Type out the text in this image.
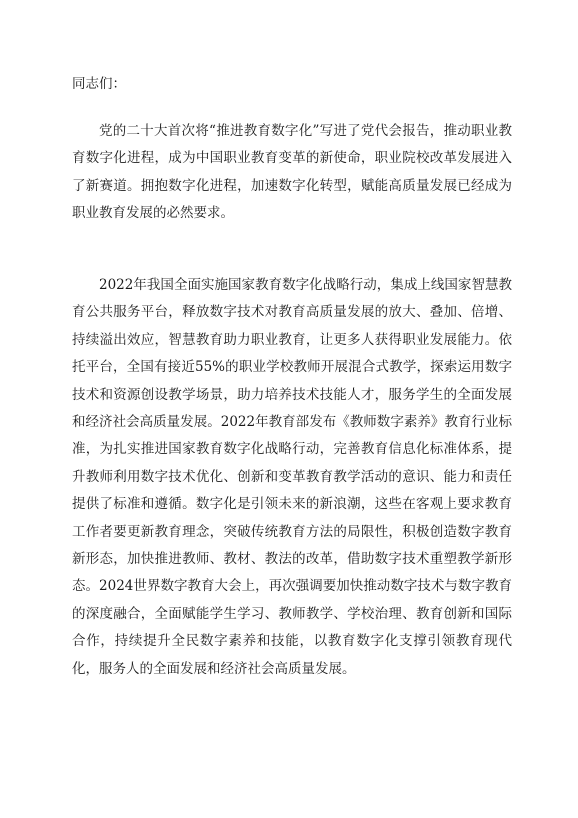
同志们：

党的二十大首次将“推进教育数字化”写进了党代会报告，推动职业教育数字化进程，成为中国职业教育变革的新使命，职业院校改革发展进入了新赛道。拥抱数字化进程，加速数字化转型，赋能高质量发展已经成为职业教育发展的必然要求。

2022年我国全面实施国家教育数字化战略行动，集成上线国家智慧教育公共服务平台，释放数字技术对教育高质量发展的放大、叠加、倍增、持续溢出效应，智慧教育助力职业教育，让更多人获得职业发展能力。依托平台，全国有接近55%的职业学校教师开展混合式教学，探索运用数字技术和资源创设教学场景，助力培养技术技能人才，服务学生的全面发展和经济社会高质量发展。2022年教育部发布《教师数字素养》教育行业标准，为扎实推进国家教育数字化战略行动，完善教育信息化标准体系，提升教师利用数字技术优化、创新和变革教育教学活动的意识、能力和责任提供了标准和遵循。数字化是引领未来的新浪潮，这些在客观上要求教育工作者要更新教育理念，突破传统教育方法的局限性，积极创造数字教育新形态，加快推进教师、教材、教法的改革，借助数字技术重塑教学新形态。2024世界数字教育大会上，再次强调要加快推动数字技术与数字教育的深度融合，全面赋能学生学习、教师教学、学校治理、教育创新和国际合作，持续提升全民数字素养和技能，以教育数字化支撑引领教育现代化，服务人的全面发展和经济社会高质量发展。
